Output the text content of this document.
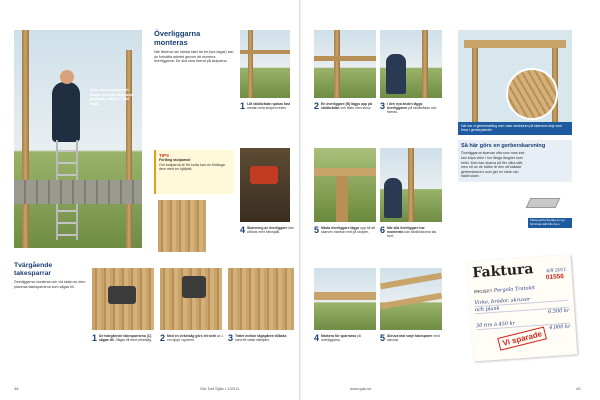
Hela arbetsmomentet börjar med att stolparna placeras, ställ in i rätt höjd.
Överliggarna monteras
När fästena har härdat klart tar tre-fyra dagar) kan du fortsätta arbetet genom att montera överliggarna. De ska vara fixerat på stolparna.
TIPS
Förlång stolparna!
Om stolparna är för korta kan du förlänga dem med en hjälpbit.
1 Låt stödbrädan spikas fast medan hela stolpen reses.	2 En överliggare (B) läggs upp på stödbrädan och fästs med skruv. 3 I den nya änden läggs överliggaren på stödbrädan och fixeras.
4 Skarvning av överliggare kan utföras med bleckplåt.	5 Nästa överliggare läggs upp så att skarven hamnar mitt på stolpen.	6 När alla överliggare har monterats kan stödbrädorna tas bort.
Tvärgående takesparrar
Överliggarna monteras och vid sidan av dem placeras takesparrarna som sågas till.
1 De tvärgående takesparrarna (C) sågas till. Sågas till med cirkelsåg. 2 Med en cirkelsåg görs ett snitt ca 1 cm djupt i sparren.	3 Trätet mellan sågspåren tillbaks med ett vasst stämjärn.	4 Markera för sparrarna på överliggarna.	5 Skruva fast varje takesparre med skruvar.
48	Gör Det Själv • 1/2011
Här har vi gerberkakling som visar strukturen på skarvens linje som finns i gerberpaketet.
Så här görs en gerberskarvning
Överliggarna skarvas ofta som man inte kan köpa virke i hur långa längder som helst. Man kan skarva på fler olika sätt, men ett av de bättre är den så kallade gerberskarven som ger en stark och stabil skarv.
Fästa gerberbeslag av typ förzinkat stål från dem.
Faktura	6/9 2011
01556
PROJEKT: Pergola Tratolet
Virke, brädor, skruvar
och plank	6.500 kr
30 tim à 450 kr	4.000 kr
Vi sparade
www.gds.se	49
